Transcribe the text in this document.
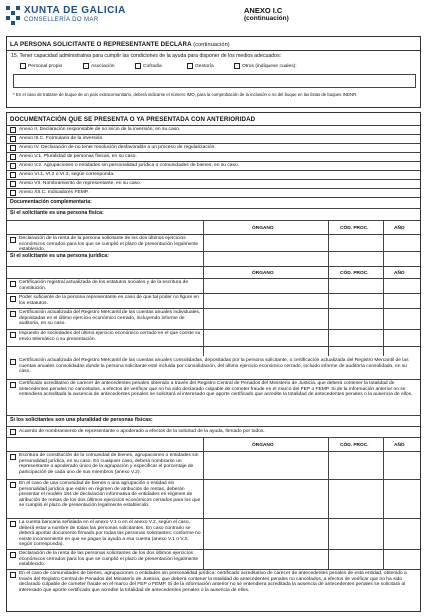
XUNTA DE GALICIA
CONSELLERÍA DO MAR
ANEXO I.C
(continuación)
LA PERSONA SOLICITANTE O REPRESENTANTE DECLARA (continuación)
15. Tener capacidad administrativa para cumplir las condiciones de la ayuda para disponer de los medios adecuados:
Personal propio	Asociación	Cofradía	Gestoría	Otros (indíquese cuales):
* En el caso de tratarse de buque de un país extracomunitario, deberá indicarse el número IMO, para la comprobación de la inclusión o no del buque en las listas de buques INDNR.
DOCUMENTACIÓN QUE SE PRESENTA O YA PRESENTADA CON ANTERIORIDAD
Anexo II. Declaración responsable de no inicio de la inversión, en su caso.
Anexo III.C. Formulario de la inversión.
Anexo IV. Declaración de no tener resolución desfavorable a un proceso de regularización.
Anexo V.1. Pluralidad de personas físicas, en su caso.
Anexo V.2. Agrupaciones o entidades sin personalidad jurídica o comunidades de bienes, en su caso.
Anexo VI.1, VI.2 o VI.3, según corresponda.
Anexo VII. Nombramiento de representante, en su caso.
Anexo XII.C. Indicadores FEMP.
Documentación complementaria:
Si el solicitante es una persona física:
ÓRGANO	CÓD. PROC.	AÑO
Declaración de la renta de la persona solicitante de los dos últimos ejercicios económicos cerrados para los que se cumplió el plazo de presentación legalmente establecido.
Si el solicitante es una persona jurídica:
ÓRGANO	CÓD. PROC.	AÑO
Certificación registral actualizada de los estatutos sociales y de la escritura de constitución.
Poder suficiente de la persona representante en caso de que tal poder no figure en los estatutos.
Certificación actualizada del Registro Mercantil de las cuentas anuales individuales, depositadas en el último ejercicio económico cerrado, incluyendo informe de auditoría, en su caso.
Impuesto de sociedades del último ejercicio económico cerrado en el que conste su envío telemático o su presentación.
Certificación actualizada del Registro Mercantil de las cuentas anuales consolidadas, depositadas por la persona solicitante, o certificación actualizada del Registro Mercantil de las cuentas anuales consolidadas donde la persona solicitante esté incluida por consolidación, del último ejercicio económico cerrado, incluido informe de auditoría consolidado, en su caso.
Certificado acreditativo de carecer de antecedentes penales obtenido a través del Registro Central de Penados del Ministerio de Justicia, que deberá contener la totalidad de antecedentes penales no cancelados, a efectos de verificar que no ha sido declarado culpable de cometer fraude en el marco del FEP o FEMP. Si de la información anterior no se entendiera acreditada la ausencia de antecedentes penales se solicitará al interesado que aporte certificado que acredite la totalidad de antecedentes penales o la ausencia de ellos.
Si los solicitantes son una pluralidad de personas físicas:
Acuerdo de nombramiento de representante o apoderado a efectos de la solicitud de la ayuda, firmado por todos.
ÓRGANO	CÓD. PROC.	AÑO
Escritura de constitución de la comunidad de bienes, agrupaciones o entidades sin personalidad jurídica, en su caso. En cualquier caso, deberá nombrarse un representante o apoderado único de la agrupación y especificar el porcentaje de participación de cada uno de sus miembros (anexo V.2).
En el caso de una comunidad de bienes o una agrupación o entidad sin personalidad jurídica que estén en régimen de atribución de rentas, deberán presentar el modelo 184 de declaración informativa de entidades en régimen de atribución de rentas de los dos últimos ejercicios económicos cerrados para los que se cumplió el plazo de presentación legalmente establecido.
La cuenta bancaria señalada en el anexo V.1 o en el anexo V.2, según el caso, deberá estar a nombre de todas las personas solicitantes. En caso contrario se deberá aportar documento firmado por todas las personas solicitantes, conforme no existe inconveniente en que se pague la ayuda a esa cuenta (anexo V.1 o V.2, según corresponda).
Declaración de la renta de las personas solicitantes de los dos últimos ejercicios económicos cerrados para los que se cumplió el plazo de presentación legalmente establecido.
En el caso de comunidades de bienes, agrupaciones o entidades sin personalidad jurídica: certificado acreditativo de carecer de antecedentes penales de esta entidad, obtenido a través del Registro Central de Penados del Ministerio de Justicia, que deberá contener la totalidad de antecedentes penales no cancelados, a efectos de verificar que no ha sido declarado culpable de cometer fraude en el marco del FEP o FEMP. Si de la información anterior no se entendiera acreditada la ausencia de antecedentes penales se solicitará al interesado que aporte certificado que acredite la totalidad de antecedentes penales o la ausencia de ellos.
